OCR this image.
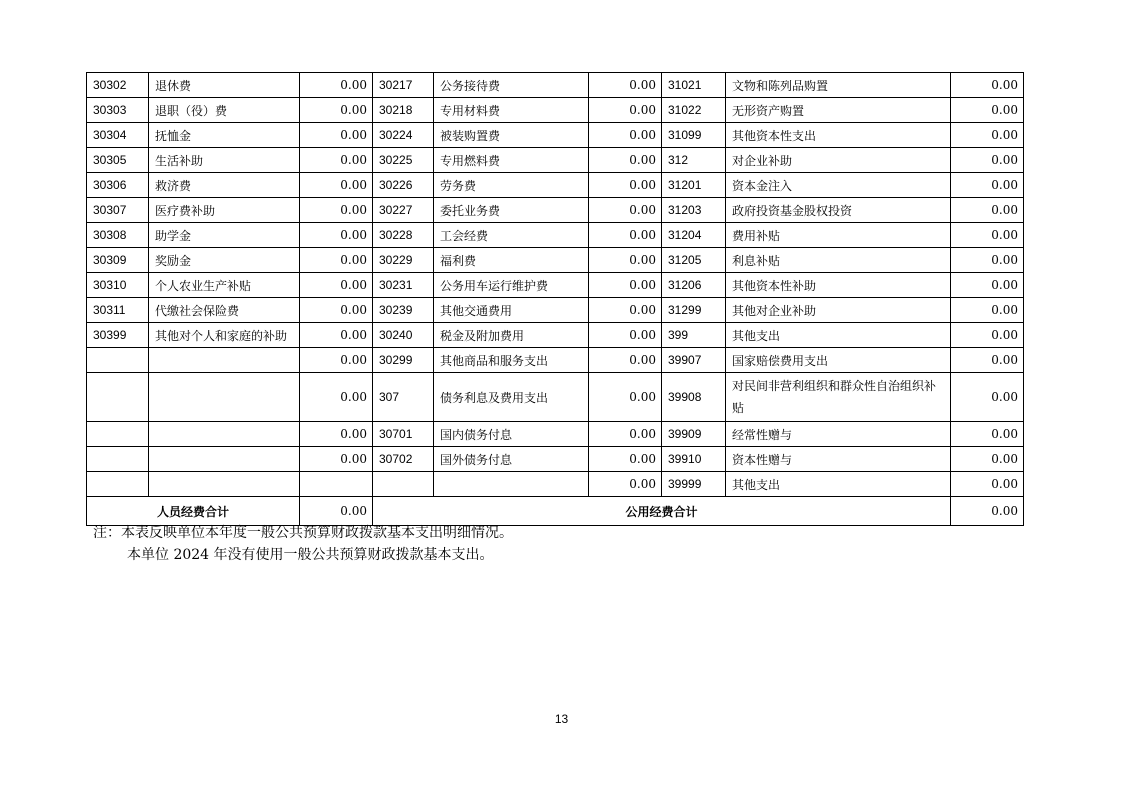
30302	退休费	0.00	30217	公务接待费	0.00	31021	文物和陈列品购置	0.00
30303	退职（役）费	0.00	30218	专用材料费	0.00	31022	无形资产购置	0.00
30304	抚恤金	0.00	30224	被装购置费	0.00	31099	其他资本性支出	0.00
30305	生活补助	0.00	30225	专用燃料费	0.00	312	对企业补助	0.00
30306	救济费	0.00	30226	劳务费	0.00	31201	资本金注入	0.00
30307	医疗费补助	0.00	30227	委托业务费	0.00	31203	政府投资基金股权投资	0.00
30308	助学金	0.00	30228	工会经费	0.00	31204	费用补贴	0.00
30309	奖励金	0.00	30229	福利费	0.00	31205	利息补贴	0.00
30310	个人农业生产补贴	0.00	30231	公务用车运行维护费	0.00	31206	其他资本性补助	0.00
30311	代缴社会保险费	0.00	30239	其他交通费用	0.00	31299	其他对企业补助	0.00
30399	其他对个人和家庭的补助	0.00	30240	税金及附加费用	0.00	399	其他支出	0.00
		0.00	30299	其他商品和服务支出	0.00	39907	国家赔偿费用支出	0.00
		0.00	307	债务利息及费用支出	0.00	39908	对民间非营利组织和群众性自治组织补贴	0.00
		0.00	30701	国内债务付息	0.00	39909	经常性赠与	0.00
		0.00	30702	国外债务付息	0.00	39910	资本性赠与	0.00
					0.00	39999	其他支出	0.00
人员经费合计		0.00	公用经费合计					0.00
注：本表反映单位本年度一般公共预算财政拨款基本支出明细情况。
本单位 2024 年没有使用一般公共预算财政拨款基本支出。
13
